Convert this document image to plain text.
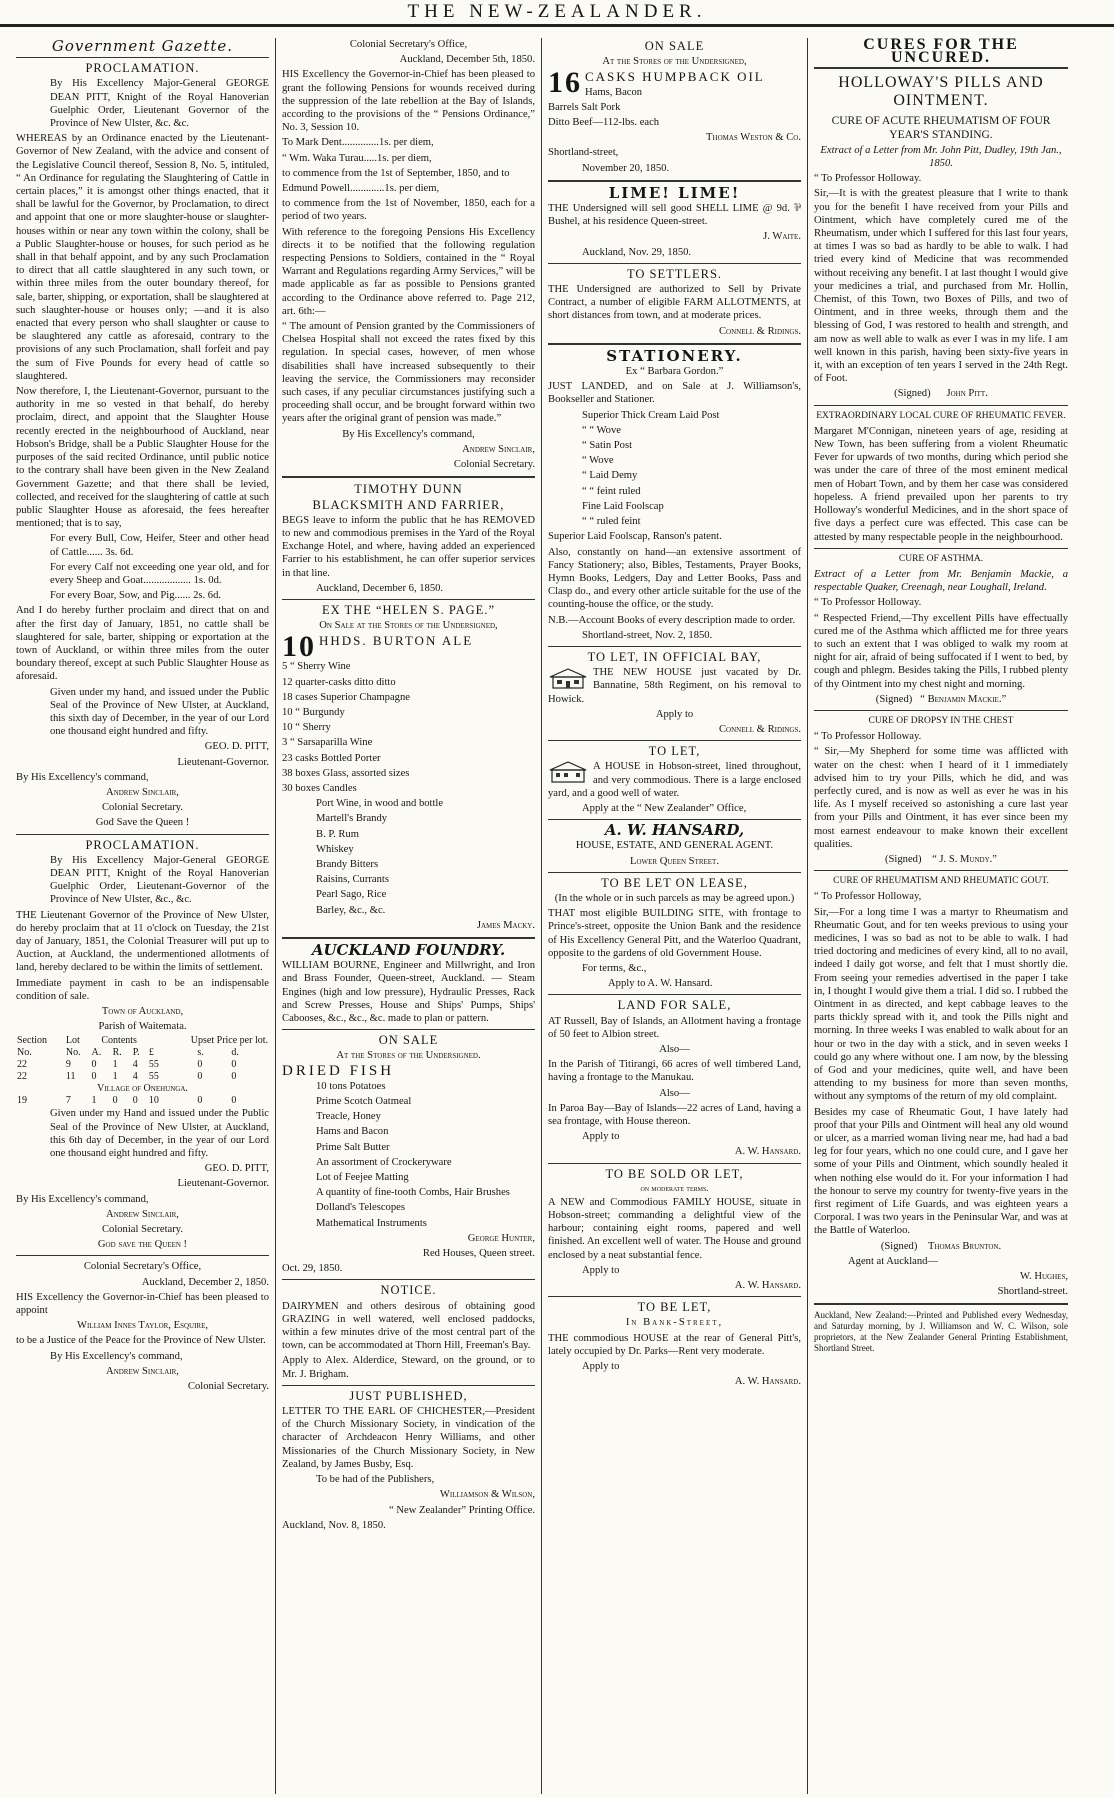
THE NEW-ZEALANDER.
Government Gazette.
PROCLAMATION.

By His Excellency Major-General GEORGE DEAN PITT, Knight of the Royal Hanoverian Guelphic Order, Lieutenant Governor of the Province of New Ulster, &c. &c.

WHEREAS by an Ordinance enacted by the Lieutenant-Governor of New Zealand, with the advice and consent of the Legislative Council thereof, Session 8, No. 5, intituled, “ An Ordinance for regulating the Slaughtering of Cattle in certain places,” it is amongst other things enacted, that it shall be lawful for the Governor, by Proclamation, to direct and appoint that one or more slaughter-house or slaughter-houses within or near any town within the colony, shall be a Public Slaughter-house or houses, for such period as he shall in that behalf appoint, and by any such Proclamation to direct that all cattle slaughtered in any such town, or within three miles from the outer boundary thereof, for sale, barter, shipping, or exportation, shall be slaughtered at such slaughter-house or houses only; —and it is also enacted that every person who shall slaughter or cause to be slaughtered any cattle as aforesaid, contrary to the provisions of any such Proclamation, shall forfeit and pay the sum of Five Pounds for every head of cattle so slaughtered.

Now therefore, I, the Lieutenant-Governor, pursuant to the authority in me so vested in that behalf, do hereby proclaim, direct, and appoint that the Slaughter House recently erected in the neighbourhood of Auckland, near Hobson's Bridge, shall be a Public Slaughter House for the purposes of the said recited Ordinance, until public notice to the contrary shall have been given in the New Zealand Government Gazette; and that there shall be levied, collected, and received for the slaughtering of cattle at such public Slaughter House as aforesaid, the fees hereafter mentioned; that is to say,

For every Bull, Cow, Heifer, Steer and other head of Cattle...... 3s. 6d.

For every Calf not exceeding one year old, and for every Sheep and Goat.................. 1s. 0d.

For every Boar, Sow, and Pig...... 2s. 6d.

And I do hereby further proclaim and direct that on and after the first day of January, 1851, no cattle shall be slaughtered for sale, barter, shipping or exportation at the town of Auckland, or within three miles from the outer boundary thereof, except at such Public Slaughter House as aforesaid.

Given under my hand, and issued under the Public Seal of the Province of New Ulster, at Auckland, this sixth day of December, in the year of our Lord one thousand eight hundred and fifty.

GEO. D. PITT,

Lieutenant-Governor.

By His Excellency's command,

Andrew Sinclair,

Colonial Secretary.

God Save the Queen !

PROCLAMATION.

By His Excellency Major-General GEORGE DEAN PITT, Knight of the Royal Hanoverian Guelphic Order, Lieutenant-Governor of the Province of New Ulster, &c., &c.

THE Lieutenant Governor of the Province of New Ulster, do hereby proclaim that at 11 o'clock on Tuesday, the 21st day of January, 1851, the Colonial Treasurer will put up to Auction, at Auckland, the undermentioned allotments of land, hereby declared to be within the limits of settlement.

Immediate payment in cash to be an indispensable condition of sale.

Town of Auckland,

Parish of Waitemata.

Section	Lot	Contents			Upset Price per lot.		
No.	No.	A.	R.	P.	£	s.	d.
22	9	0	1	4	55	0	0
22	11	0	1	4	55	0	0
Village of Onehunga.							
19	7	1	0	0	10	0	0

Given under my Hand and issued under the Public Seal of the Province of New Ulster, at Auckland, this 6th day of December, in the year of our Lord one thousand eight hundred and fifty.

GEO. D. PITT,

Lieutenant-Governor.

By His Excellency's command,

Andrew Sinclair,

Colonial Secretary.

God save the Queen !

Colonial Secretary's Office,

Auckland, December 2, 1850.

HIS Excellency the Governor-in-Chief has been pleased to appoint

William Innes Taylor, Esquire,

to be a Justice of the Peace for the Province of New Ulster.

By His Excellency's command,

Andrew Sinclair,

Colonial Secretary.

Colonial Secretary's Office,

Auckland, December 5th, 1850.

HIS Excellency the Governor-in-Chief has been pleased to grant the following Pensions for wounds received during the suppression of the late rebellion at the Bay of Islands, according to the provisions of the “ Pensions Ordinance,” No. 3, Session 10.

To Mark Dent..............1s. per diem,

“ Wm. Waka Turau.....1s. per diem,

to commence from the 1st of September, 1850, and to

Edmund Powell.............1s. per diem,

to commence from the 1st of November, 1850, each for a period of two years.

With reference to the foregoing Pensions His Excellency directs it to be notified that the following regulation respecting Pensions to Soldiers, contained in the “ Royal Warrant and Regulations regarding Army Services,” will be made applicable as far as possible to Pensions granted according to the Ordinance above referred to. Page 212, art. 6th:—

“ The amount of Pension granted by the Commissioners of Chelsea Hospital shall not exceed the rates fixed by this regulation. In special cases, however, of men whose disabilities shall have increased subsequently to their leaving the service, the Commissioners may reconsider such cases, if any peculiar circumstances justifying such a proceeding shall occur, and be brought forward within two years after the original grant of pension was made.”

By His Excellency's command,

Andrew Sinclair,

Colonial Secretary.

TIMOTHY DUNN
BLACKSMITH AND FARRIER,

BEGS leave to inform the public that he has REMOVED to new and commodious premises in the Yard of the Royal Exchange Hotel, and where, having added an experienced Farrier to his establishment, he can offer superior services in that line.

Auckland, December 6, 1850.

EX THE “HELEN S. PAGE.”

On Sale at the Stores of the Undersigned,

10 HHDS. BURTON ALE

5 “ Sherry Wine

12 quarter-casks ditto ditto

18 cases Superior Champagne

10 “ Burgundy

10 “ Sherry

3 “ Sarsaparilla Wine

23 casks Bottled Porter

38 boxes Glass, assorted sizes

30 boxes Candles

Port Wine, in wood and bottle

Martell's Brandy

B. P. Rum

Whiskey

Brandy Bitters

Raisins, Currants

Pearl Sago, Rice

Barley, &c., &c.

James Macky.

AUCKLAND FOUNDRY.

WILLIAM BOURNE, Engineer and Millwright, and Iron and Brass Founder, Queen-street, Auckland. — Steam Engines (high and low pressure), Hydraulic Presses, Rack and Screw Presses, House and Ships' Pumps, Ships' Cabooses, &c., &c., &c. made to plan or pattern.

ON SALE

At the Stores of the Undersigned.

DRIED FISH

10 tons Potatoes

Prime Scotch Oatmeal

Treacle, Honey

Hams and Bacon

Prime Salt Butter

An assortment of Crockeryware

Lot of Feejee Matting

A quantity of fine-tooth Combs, Hair Brushes

Dolland's Telescopes

Mathematical Instruments

George Hunter,

Red Houses, Queen street.

Oct. 29, 1850.

NOTICE.

DAIRYMEN and others desirous of obtaining good GRAZING in well watered, well enclosed paddocks, within a few minutes drive of the most central part of the town, can be accommodated at Thorn Hill, Freeman's Bay.

Apply to Alex. Alderdice, Steward, on the ground, or to Mr. J. Brigham.

JUST PUBLISHED,

LETTER TO THE EARL OF CHICHESTER,—President of the Church Missionary Society, in vindication of the character of Archdeacon Henry Williams, and other Missionaries of the Church Missionary Society, in New Zealand, by James Busby, Esq.

To be had of the Publishers,

Williamson & Wilson,

“ New Zealander” Printing Office.

Auckland, Nov. 8, 1850.

ON SALE

At the Stores of the Undersigned,

16 CASKS HUMPBACK OIL

Hams, Bacon

Barrels Salt Pork

Ditto Beef—112-lbs. each

Thomas Weston & Co.

Shortland-street,

November 20, 1850.

LIME! LIME!

THE Undersigned will sell good SHELL LIME @ 9d. ⅌ Bushel, at his residence Queen-street.

J. Waite.

Auckland, Nov. 29, 1850.

TO SETTLERS.

THE Undersigned are authorized to Sell by Private Contract, a number of eligible FARM ALLOTMENTS, at short distances from town, and at moderate prices.

Connell & Ridings.

STATIONERY.

Ex “ Barbara Gordon.”

JUST LANDED, and on Sale at J. Williamson's, Bookseller and Stationer.

Superior Thick Cream Laid Post

“ “ Wove

“ Satin Post

“ Wove

“ Laid Demy

“ “ feint ruled

Fine Laid Foolscap

“ “ ruled feint

Superior Laid Foolscap, Ranson's patent.

Also, constantly on hand—an extensive assortment of Fancy Stationery; also, Bibles, Testaments, Prayer Books, Hymn Books, Ledgers, Day and Letter Books, Pass and Clasp do., and every other article suitable for the use of the counting-house the office, or the study.

N.B.—Account Books of every description made to order.

Shortland-street, Nov. 2, 1850.

TO LET, IN OFFICIAL BAY,

THE NEW HOUSE just vacated by Dr. Bannatine, 58th Regiment, on his removal to Howick.

Apply to

Connell & Ridings.

TO LET,

A HOUSE in Hobson-street, lined throughout, and very commodious. There is a large enclosed yard, and a good well of water.

Apply at the “ New Zealander” Office,

A. W. HANSARD,

HOUSE, ESTATE, AND GENERAL AGENT.

Lower Queen Street.

TO BE LET ON LEASE,

(In the whole or in such parcels as may be agreed upon.)

THAT most eligible BUILDING SITE, with frontage to Prince's-street, opposite the Union Bank and the residence of His Excellency General Pitt, and the Waterloo Quadrant, opposite to the gardens of old Government House.

For terms, &c.,

Apply to A. W. Hansard.

LAND FOR SALE,

AT Russell, Bay of Islands, an Allotment having a frontage of 50 feet to Albion street.

Also—

In the Parish of Titirangi, 66 acres of well timbered Land, having a frontage to the Manukau.

Also—

In Paroa Bay—Bay of Islands—22 acres of Land, having a sea frontage, with House thereon.

Apply to

A. W. Hansard.

TO BE SOLD OR LET,

on moderate terms.

A NEW and Commodious FAMILY HOUSE, situate in Hobson-street; commanding a delightful view of the harbour; containing eight rooms, papered and well finished. An excellent well of water. The House and ground enclosed by a neat substantial fence.

Apply to

A. W. Hansard.

TO BE LET,

In Bank-Street,

THE commodious HOUSE at the rear of General Pitt's, lately occupied by Dr. Parks—Rent very moderate.

Apply to

A. W. Hansard.

CURES FOR THE UNCURED.
HOLLOWAY'S PILLS AND OINTMENT.

CURE OF ACUTE RHEUMATISM OF FOUR YEAR'S STANDING.

Extract of a Letter from Mr. John Pitt, Dudley, 19th Jan., 1850.

“ To Professor Holloway.

Sir,—It is with the greatest pleasure that I write to thank you for the benefit I have received from your Pills and Ointment, which have completely cured me of the Rheumatism, under which I suffered for this last four years, at times I was so bad as hardly to be able to walk. I had tried every kind of Medicine that was recommended without receiving any benefit. I at last thought I would give your medicines a trial, and purchased from Mr. Hollin, Chemist, of this Town, two Boxes of Pills, and two of Ointment, and in three weeks, through them and the blessing of God, I was restored to health and strength, and am now as well able to walk as ever I was in my life. I am well known in this parish, having been sixty-five years in it, with an exception of ten years I served in the 24th Regt. of Foot.

(Signed) John Pitt.

EXTRAORDINARY LOCAL CURE OF RHEUMATIC FEVER.

Margaret M'Connigan, nineteen years of age, residing at New Town, has been suffering from a violent Rheumatic Fever for upwards of two months, during which period she was under the care of three of the most eminent medical men of Hobart Town, and by them her case was considered hopeless. A friend prevailed upon her parents to try Holloway's wonderful Medicines, and in the short space of five days a perfect cure was effected. This case can be attested by many respectable people in the neighbourhood.

CURE OF ASTHMA.

Extract of a Letter from Mr. Benjamin Mackie, a respectable Quaker, Creenagh, near Loughall, Ireland.

“ To Professor Holloway.

“ Respected Friend,—Thy excellent Pills have effectually cured me of the Asthma which afflicted me for three years to such an extent that I was obliged to walk my room at night for air, afraid of being suffocated if I went to bed, by cough and phlegm. Besides taking the Pills, I rubbed plenty of thy Ointment into my chest night and morning.

(Signed) “ Benjamin Mackie.”

CURE OF DROPSY IN THE CHEST

“ To Professor Holloway.

“ Sir,—My Shepherd for some time was afflicted with water on the chest: when I heard of it I immediately advised him to try your Pills, which he did, and was perfectly cured, and is now as well as ever he was in his life. As I myself received so astonishing a cure last year from your Pills and Ointment, it has ever since been my most earnest endeavour to make known their excellent qualities.

(Signed) “ J. S. Mundy.”

CURE OF RHEUMATISM AND RHEUMATIC GOUT.

“ To Professor Holloway,

Sir,—For a long time I was a martyr to Rheumatism and Rheumatic Gout, and for ten weeks previous to using your medicines, I was so bad as not to be able to walk. I had tried doctoring and medicines of every kind, all to no avail, indeed I daily got worse, and felt that I must shortly die. From seeing your remedies advertised in the paper I take in, I thought I would give them a trial. I did so. I rubbed the Ointment in as directed, and kept cabbage leaves to the parts thickly spread with it, and took the Pills night and morning. In three weeks I was enabled to walk about for an hour or two in the day with a stick, and in seven weeks I could go any where without one. I am now, by the blessing of God and your medicines, quite well, and have been attending to my business for more than seven months, without any symptoms of the return of my old complaint.

Besides my case of Rheumatic Gout, I have lately had proof that your Pills and Ointment will heal any old wound or ulcer, as a married woman living near me, had had a bad leg for four years, which no one could cure, and I gave her some of your Pills and Ointment, which soundly healed it when nothing else would do it. For your information I had the honour to serve my country for twenty-five years in the first regiment of Life Guards, and was eighteen years a Corporal. I was two years in the Peninsular War, and was at the Battle of Waterloo.

(Signed) Thomas Brunton.

Agent at Auckland—

W. Hughes,

Shortland-street.

Auckland, New Zealand:—Printed and Published every Wednesday, and Saturday morning, by J. Williamson and W. C. Wilson, sole proprietors, at the New Zealander General Printing Establishment, Shortland Street.
